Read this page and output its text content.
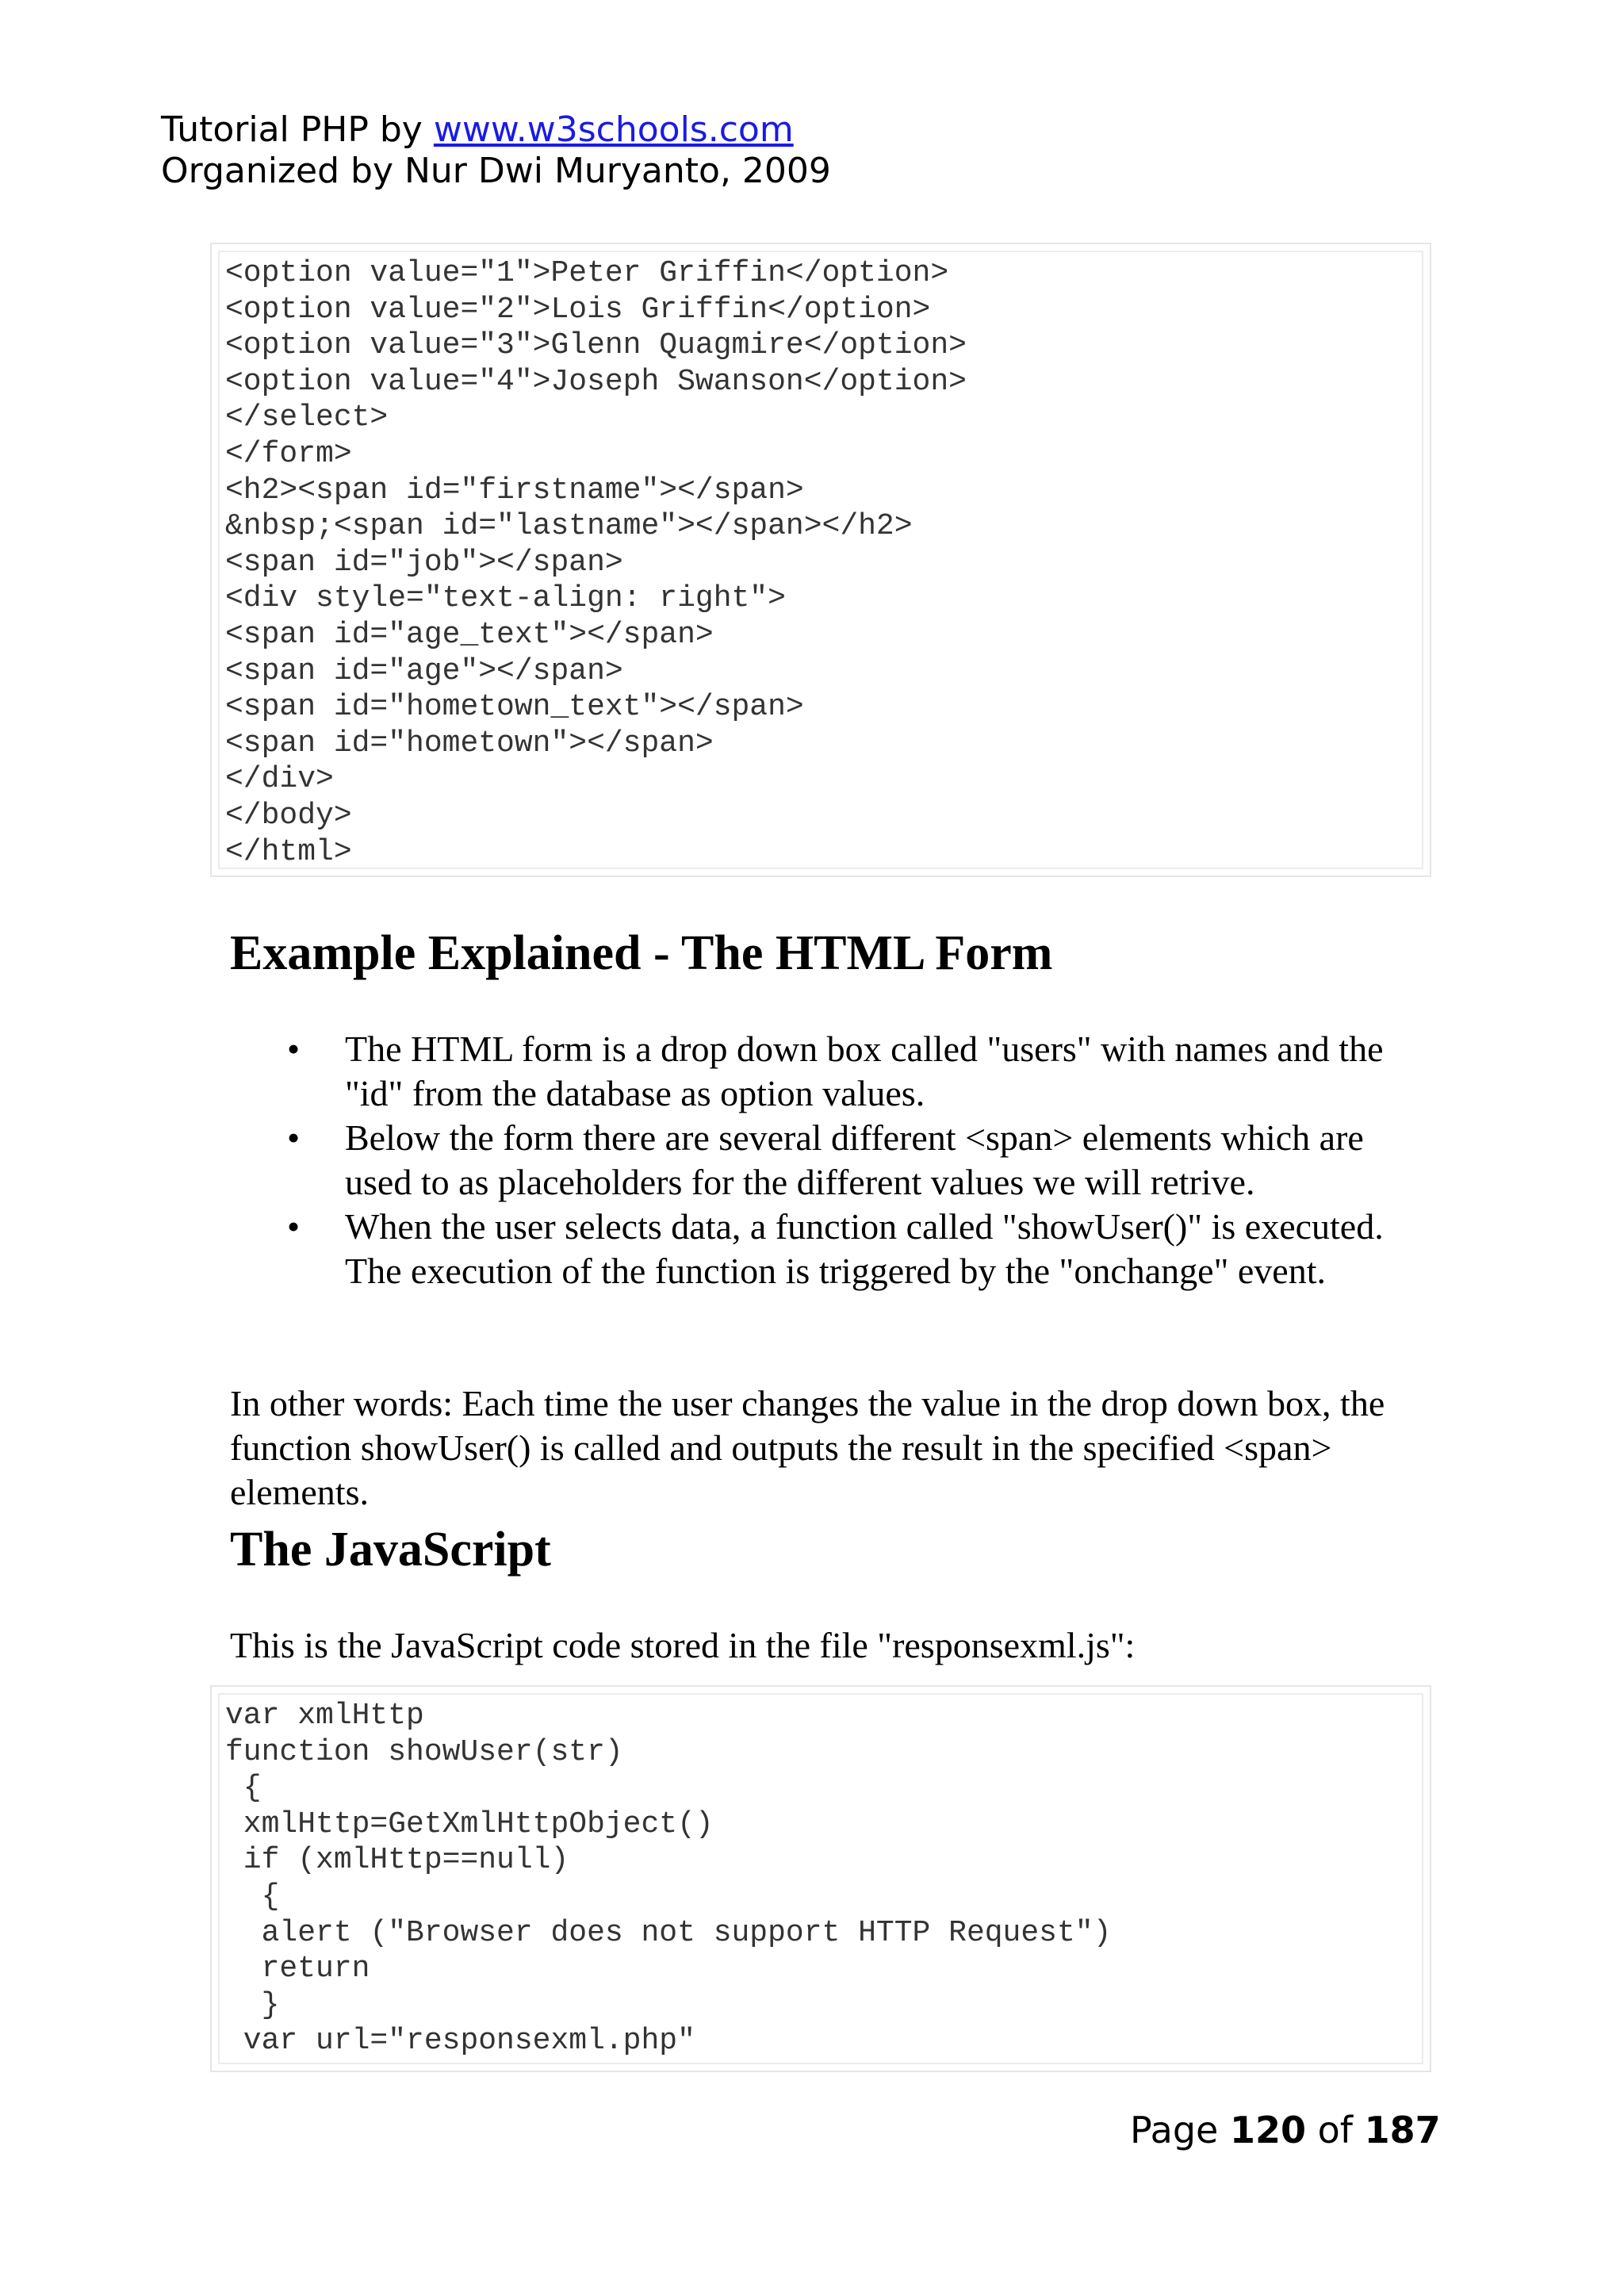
Tutorial PHP by www.w3schools.com
Organized by Nur Dwi Muryanto, 2009
<option value="1">Peter Griffin</option>
<option value="2">Lois Griffin</option>
<option value="3">Glenn Quagmire</option>
<option value="4">Joseph Swanson</option>
</select>
</form>
<h2><span id="firstname"></span>
&nbsp;<span id="lastname"></span></h2>
<span id="job"></span>
<div style="text-align: right">
<span id="age_text"></span>
<span id="age"></span>
<span id="hometown_text"></span>
<span id="hometown"></span>
</div>
</body>
</html>
Example Explained - The HTML Form
• The HTML form is a drop down box called "users" with names and the "id" from the database as option values.
• Below the form there are several different <span> elements which are used to as placeholders for the different values we will retrive.
• When the user selects data, a function called "showUser()" is executed. The execution of the function is triggered by the "onchange" event.

In other words: Each time the user changes the value in the drop down box, the function showUser() is called and outputs the result in the specified <span> elements.

The JavaScript

This is the JavaScript code stored in the file "responsexml.js":

var xmlHttp
function showUser(str)
{
xmlHttp=GetXmlHttpObject()
if (xmlHttp==null)
{
alert ("Browser does not support HTTP Request")
return
}
var url="responsexml.php"
Page 120 of 187
